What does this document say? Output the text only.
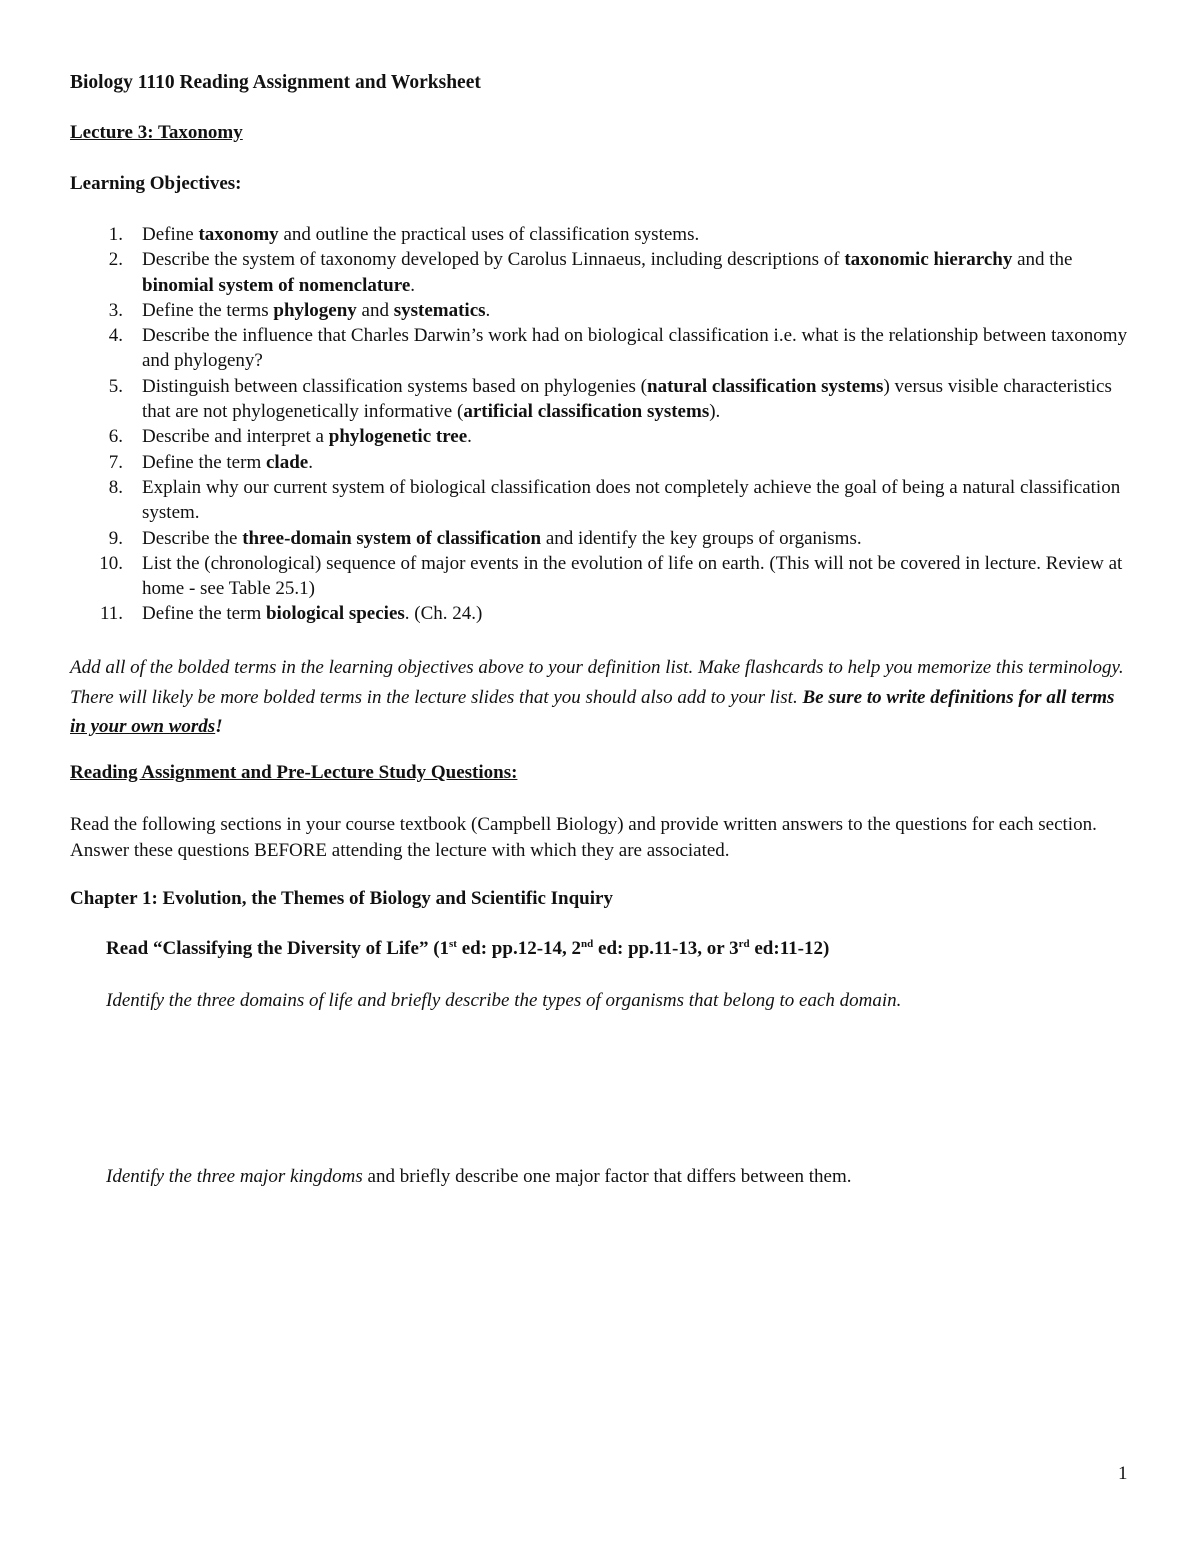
Biology 1110 Reading Assignment and Worksheet
Lecture 3: Taxonomy
Learning Objectives:
1. Define taxonomy and outline the practical uses of classification systems.
2. Describe the system of taxonomy developed by Carolus Linnaeus, including descriptions of taxonomic hierarchy and the binomial system of nomenclature.
3. Define the terms phylogeny and systematics.
4. Describe the influence that Charles Darwin’s work had on biological classification i.e. what is the relationship between taxonomy and phylogeny?
5. Distinguish between classification systems based on phylogenies (natural classification systems) versus visible characteristics that are not phylogenetically informative (artificial classification systems).
6. Describe and interpret a phylogenetic tree.
7. Define the term clade.
8. Explain why our current system of biological classification does not completely achieve the goal of being a natural classification system.
9. Describe the three-domain system of classification and identify the key groups of organisms.
10. List the (chronological) sequence of major events in the evolution of life on earth. (This will not be covered in lecture. Review at home - see Table 25.1)
11. Define the term biological species. (Ch. 24.)
Add all of the bolded terms in the learning objectives above to your definition list. Make flashcards to help you memorize this terminology. There will likely be more bolded terms in the lecture slides that you should also add to your list. Be sure to write definitions for all terms in your own words!
Reading Assignment and Pre-Lecture Study Questions:
Read the following sections in your course textbook (Campbell Biology) and provide written answers to the questions for each section. Answer these questions BEFORE attending the lecture with which they are associated.
Chapter 1: Evolution, the Themes of Biology and Scientific Inquiry
Read “Classifying the Diversity of Life” (1st ed: pp.12-14, 2nd ed: pp.11-13, or 3rd ed:11-12)
Identify the three domains of life and briefly describe the types of organisms that belong to each domain.
Identify the three major kingdoms and briefly describe one major factor that differs between them.
1
